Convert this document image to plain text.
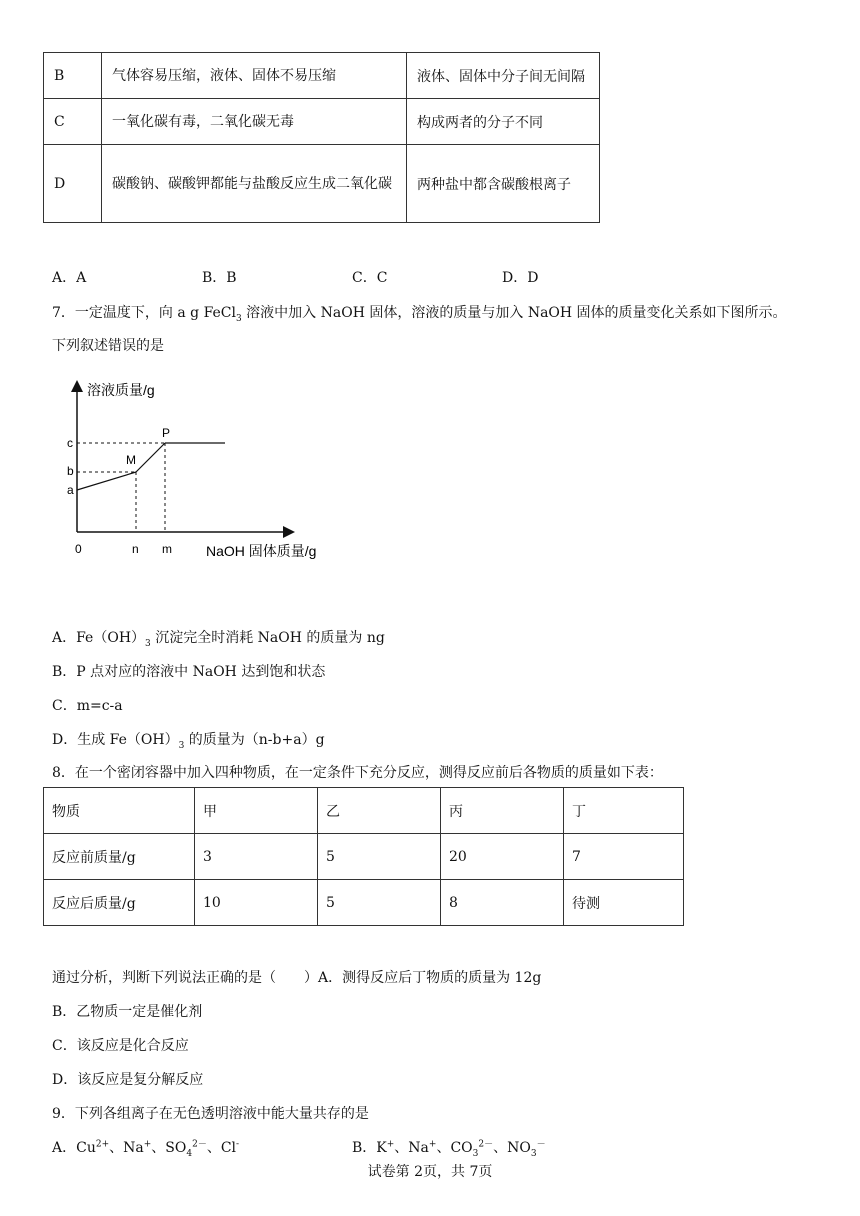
B	气体容易压缩，液体、固体不易压缩	液体、固体中分子间无间隔
C	一氧化碳有毒，二氧化碳无毒	构成两者的分子不同
D	碳酸钠、碳酸钾都能与盐酸反应生成二氧化碳	两种盐中都含碳酸根离子
A．A	B．B	C．C	D．D
7．一定温度下，向 a g FeCl$_3$ 溶液中加入 NaOH 固体，溶液的质量与加入 NaOH 固体的质量变化关系如下图所示。
下列叙述错误的是
溶液质量/g
NaOH 固体质量/g
c
b
a
0	n m
M
P
A．$Fe(OH)_3$ 沉淀完全时消耗 NaOH 的质量为 ng
B．P 点对应的溶液中 NaOH 达到饱和状态
C．m=c-a
D．生成 $Fe(OH)_3$ 的质量为（n-b+a）g
8．在一个密闭容器中加入四种物质，在一定条件下充分反应，测得反应前后各物质的质量如下表：
物质	甲	乙	丙	丁
反应前质量/g	3	5	20	7
反应后质量/g	10	5	8	待测
通过分析，判断下列说法正确的是（　　）A．测得反应后丁物质的质量为 12g
B．乙物质一定是催化剂
C．该反应是化合反应
D．该反应是复分解反应
9．下列各组离子在无色透明溶液中能大量共存的是
A．$Cu^{2+}$、Na+、$SO_4^{2-}$、Cl-	B．K+、Na+、$CO_3^{2-}$、$NO_3^-$
试卷第 2页，共 7页
